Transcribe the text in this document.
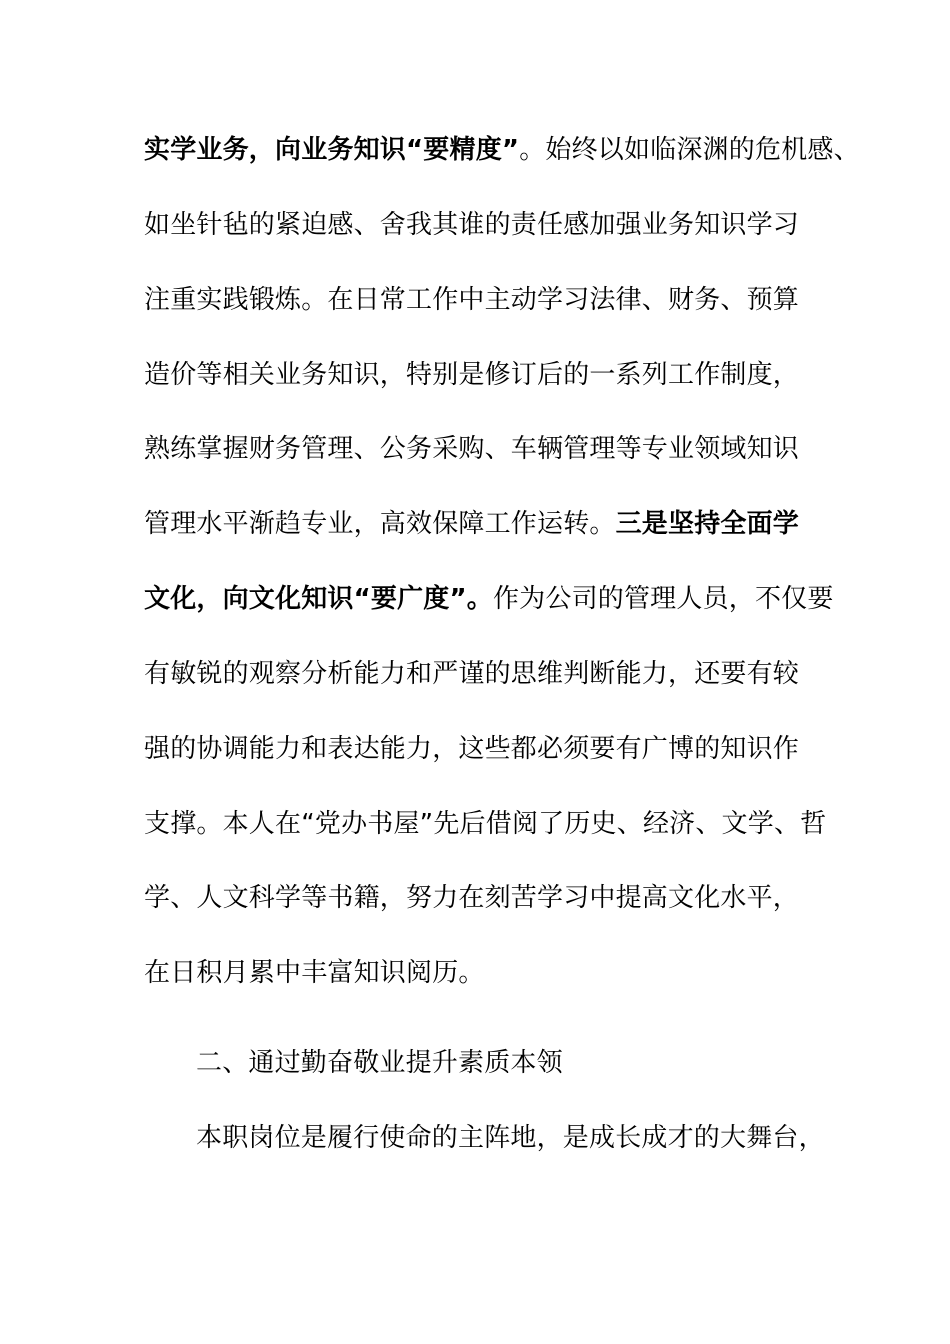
实学业务，向业务知识“要精度”。始终以如临深渊的危机感、
如坐针毡的紧迫感、舍我其谁的责任感加强业务知识学习
注重实践锻炼。在日常工作中主动学习法律、财务、预算
造价等相关业务知识，特别是修订后的一系列工作制度，
熟练掌握财务管理、公务采购、车辆管理等专业领域知识
管理水平渐趋专业，高效保障工作运转。三是坚持全面学
文化，向文化知识“要广度”。作为公司的管理人员，不仅要
有敏锐的观察分析能力和严谨的思维判断能力，还要有较
强的协调能力和表达能力，这些都必须要有广博的知识作
支撑。本人在“党办书屋”先后借阅了历史、经济、文学、哲
学、人文科学等书籍，努力在刻苦学习中提高文化水平，
在日积月累中丰富知识阅历。
二、通过勤奋敬业提升素质本领
本职岗位是履行使命的主阵地，是成长成才的大舞台，
